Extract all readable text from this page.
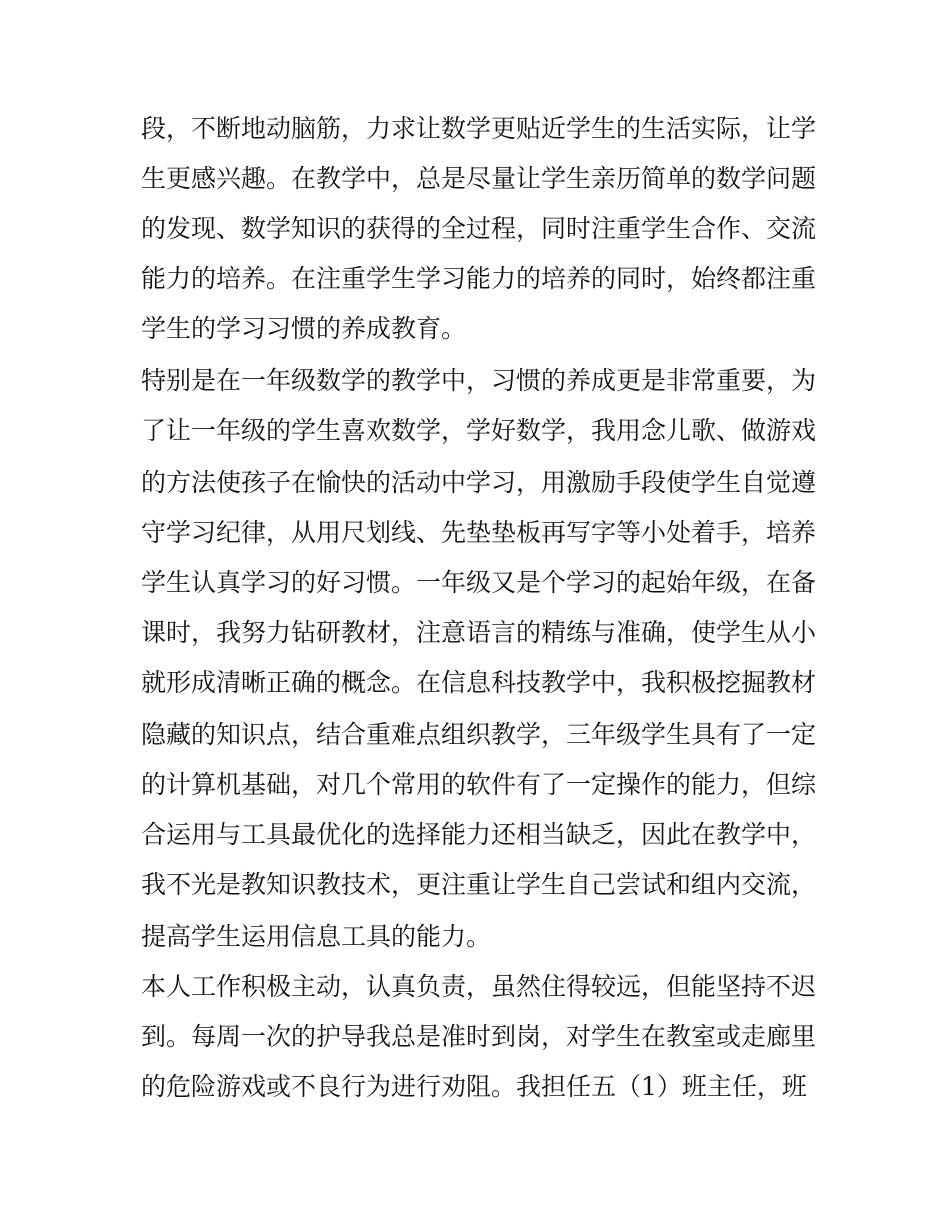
段，不断地动脑筋，力求让数学更贴近学生的生活实际，让学
生更感兴趣。在教学中，总是尽量让学生亲历简单的数学问题
的发现、数学知识的获得的全过程，同时注重学生合作、交流
能力的培养。在注重学生学习能力的培养的同时，始终都注重
学生的学习习惯的养成教育。
特别是在一年级数学的教学中，习惯的养成更是非常重要，为
了让一年级的学生喜欢数学，学好数学，我用念儿歌、做游戏
的方法使孩子在愉快的活动中学习，用激励手段使学生自觉遵
守学习纪律，从用尺划线、先垫垫板再写字等小处着手，培养
学生认真学习的好习惯。一年级又是个学习的起始年级，在备
课时，我努力钻研教材，注意语言的精练与准确，使学生从小
就形成清晰正确的概念。在信息科技教学中，我积极挖掘教材
隐藏的知识点，结合重难点组织教学，三年级学生具有了一定
的计算机基础，对几个常用的软件有了一定操作的能力，但综
合运用与工具最优化的选择能力还相当缺乏，因此在教学中，
我不光是教知识教技术，更注重让学生自己尝试和组内交流，
提高学生运用信息工具的能力。
本人工作积极主动，认真负责，虽然住得较远，但能坚持不迟
到。每周一次的护导我总是准时到岗，对学生在教室或走廊里
的危险游戏或不良行为进行劝阻。我担任五（1）班主任，班
